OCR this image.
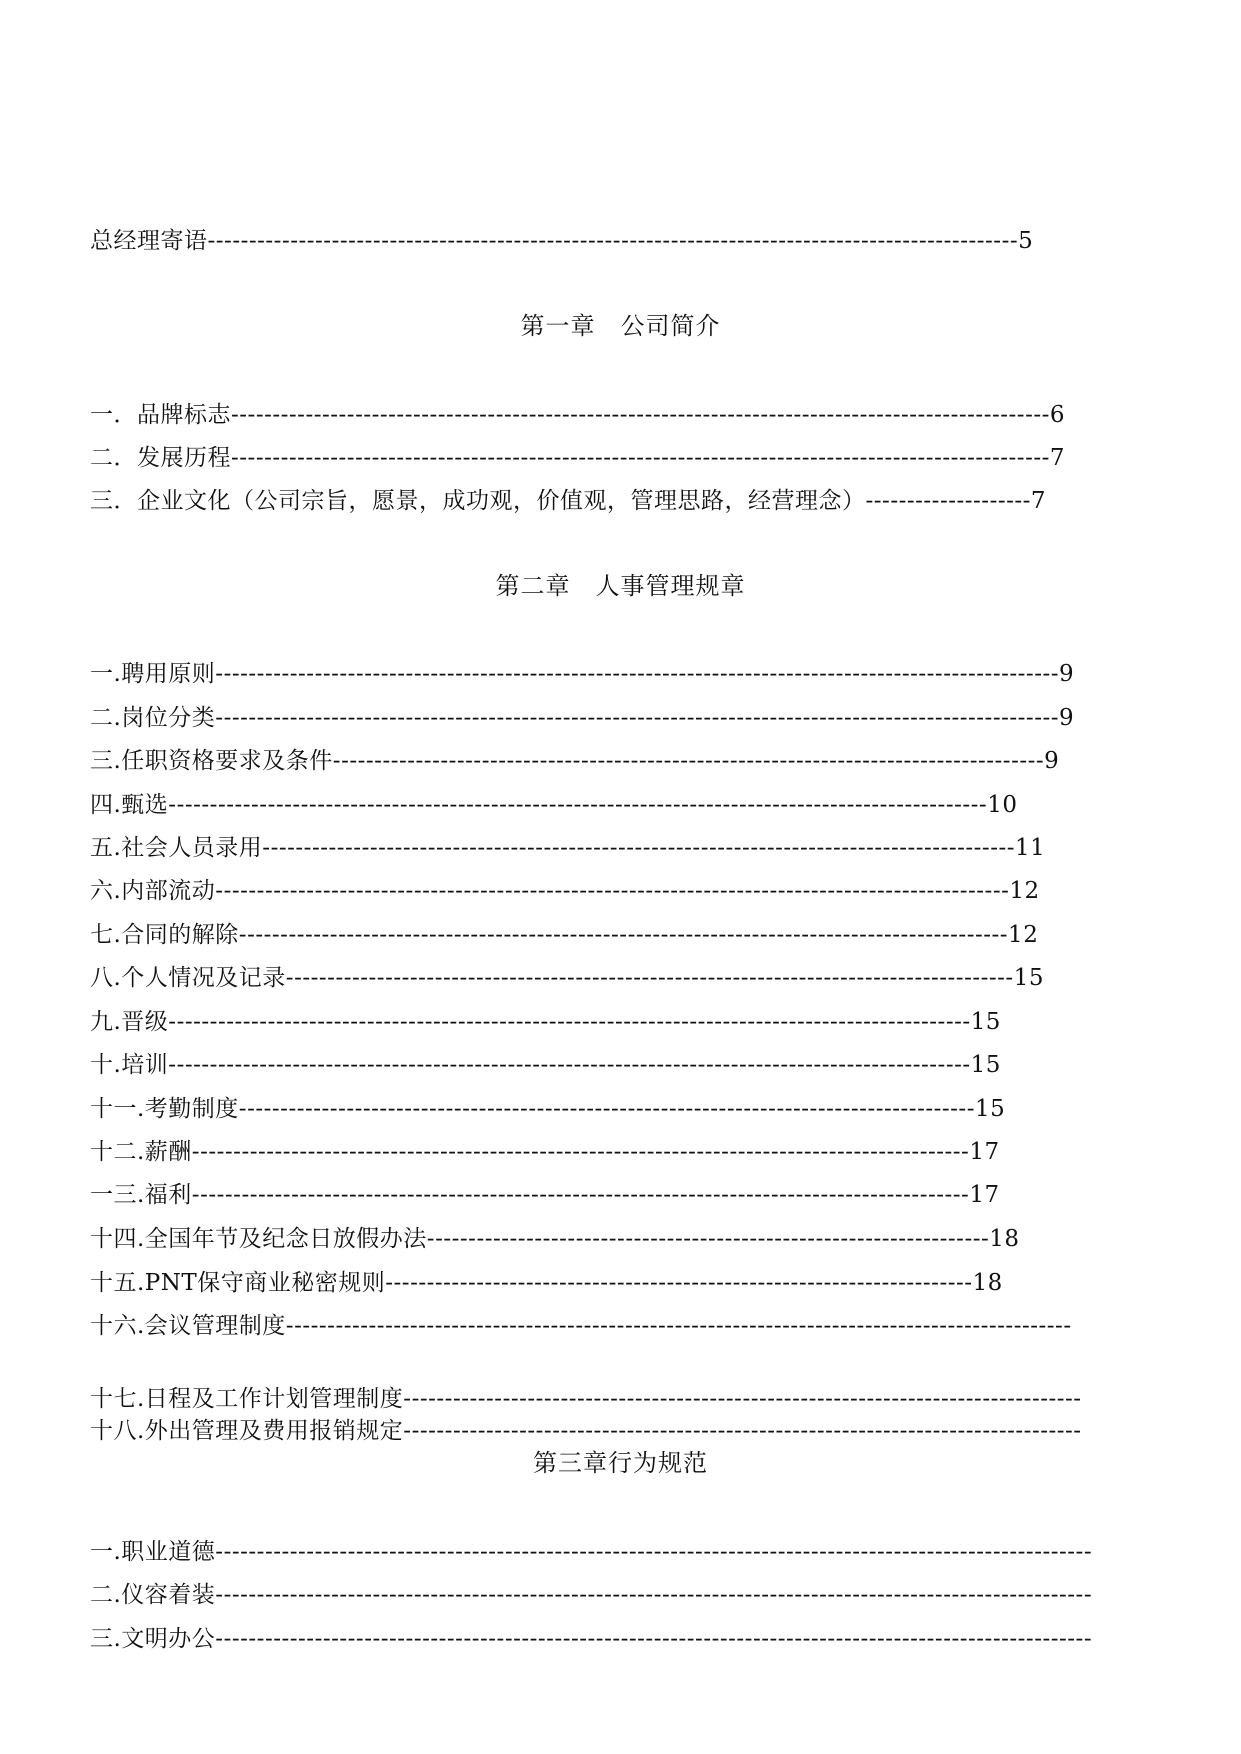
总经理寄语--------------------------------------------------------------------------------------------------5
第一章　公司简介
一．品牌标志---------------------------------------------------------------------------------------------------6
二．发展历程---------------------------------------------------------------------------------------------------7
三．企业文化（公司宗旨，愿景，成功观，价值观，管理思路，经营理念）--------------------7
第二章　人事管理规章
一.聘用原则------------------------------------------------------------------------------------------------------9
二.岗位分类------------------------------------------------------------------------------------------------------9
三.任职资格要求及条件--------------------------------------------------------------------------------------9
四.甄选---------------------------------------------------------------------------------------------------10
五.社会人员录用-------------------------------------------------------------------------------------------11
六.内部流动------------------------------------------------------------------------------------------------12
七.合同的解除---------------------------------------------------------------------------------------------12
八.个人情况及记录----------------------------------------------------------------------------------------15
九.晋级-------------------------------------------------------------------------------------------------15
十.培训-------------------------------------------------------------------------------------------------15
十一.考勤制度-----------------------------------------------------------------------------------------15
十二.薪酬----------------------------------------------------------------------------------------------17
一三.福利----------------------------------------------------------------------------------------------17
十四.全国年节及纪念日放假办法--------------------------------------------------------------------18
十五.PNT保守商业秘密规则-----------------------------------------------------------------------18
十六.会议管理制度-----------------------------------------------------------------------------------------------
十七.日程及工作计划管理制度----------------------------------------------------------------------------------
十八.外出管理及费用报销规定----------------------------------------------------------------------------------
第三章行为规范
一.职业道德----------------------------------------------------------------------------------------------------------
二.仪容着装----------------------------------------------------------------------------------------------------------
三.文明办公----------------------------------------------------------------------------------------------------------
